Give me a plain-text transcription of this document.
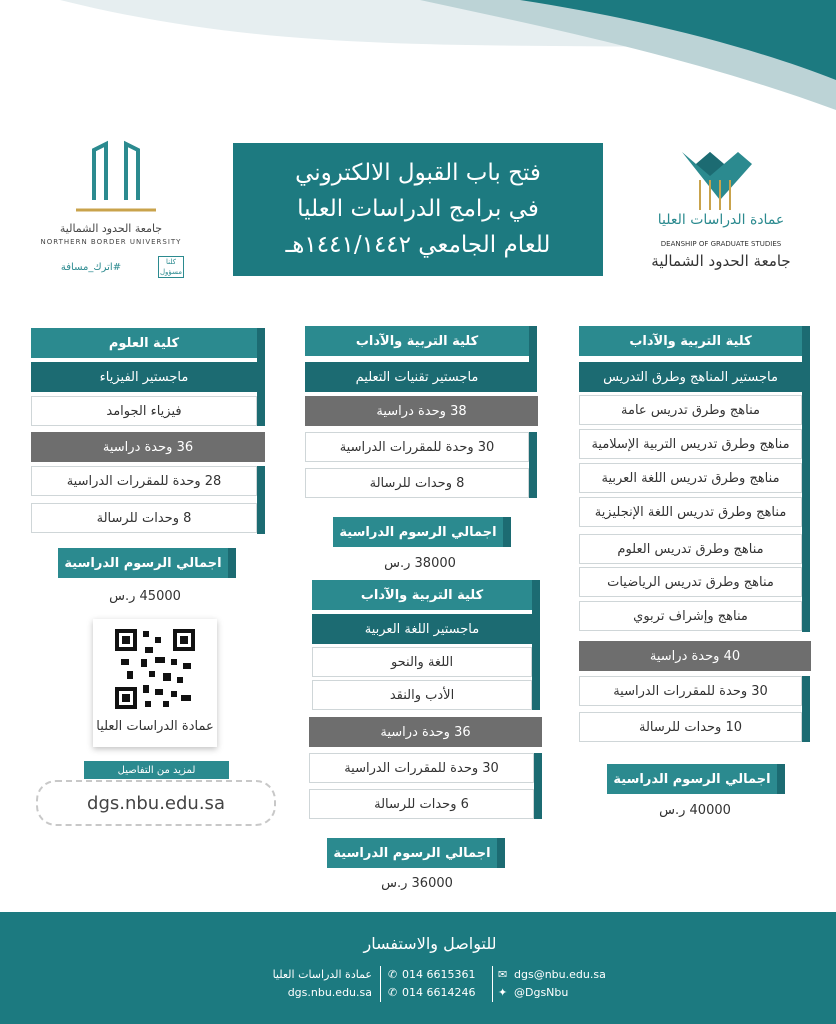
جامعة الحدود الشمالية
NORTHERN BORDER UNIVERSITY
#اترك_مسافة	كلنا مسؤول
فتح باب القبول الالكتروني
في برامج الدراسات العليا
للعام الجامعي ١٤٤١/١٤٤٢هـ
عمادة الدراسات العليا
DEANSHIP OF GRADUATE STUDIES
جامعة الحدود الشمالية
كلية التربية والآداب
ماجستير المناهج وطرق التدريس
مناهج وطرق تدريس عامة
مناهج وطرق تدريس التربية الإسلامية
مناهج وطرق تدريس اللغة العربية
مناهج وطرق تدريس اللغة الإنجليزية
مناهج وطرق تدريس العلوم
مناهج وطرق تدريس الرياضيات
مناهج وإشراف تربوي
40 وحدة دراسية
30 وحدة للمقررات الدراسية
10 وحدات للرسالة
اجمالي الرسوم الدراسية
40000 ر.س
كلية التربية والآداب
ماجستير تقنيات التعليم
38 وحدة دراسية
30 وحدة للمقررات الدراسية
8 وحدات للرسالة
اجمالي الرسوم الدراسية
38000 ر.س
كلية التربية والآداب
ماجستير اللغة العربية
اللغة والنحو
الأدب والنقد
36 وحدة دراسية
30 وحدة للمقررات الدراسية
6 وحدات للرسالة
اجمالي الرسوم الدراسية
36000 ر.س
كلية العلوم
ماجستير الفيزياء
فيزياء الجوامد
36 وحدة دراسية
28 وحدة للمقررات الدراسية
8 وحدات للرسالة
اجمالي الرسوم الدراسية
45000 ر.س
عمادة الدراسات العليا
لمزيد من التفاصيل
dgs.nbu.edu.sa
للتواصل والاستفسار
عمادة الدراسات العليا
dgs.nbu.edu.sa
✆ 014 6615361
✆ 014 6614246
✉ dgs@nbu.edu.sa
✦ @DgsNbu
